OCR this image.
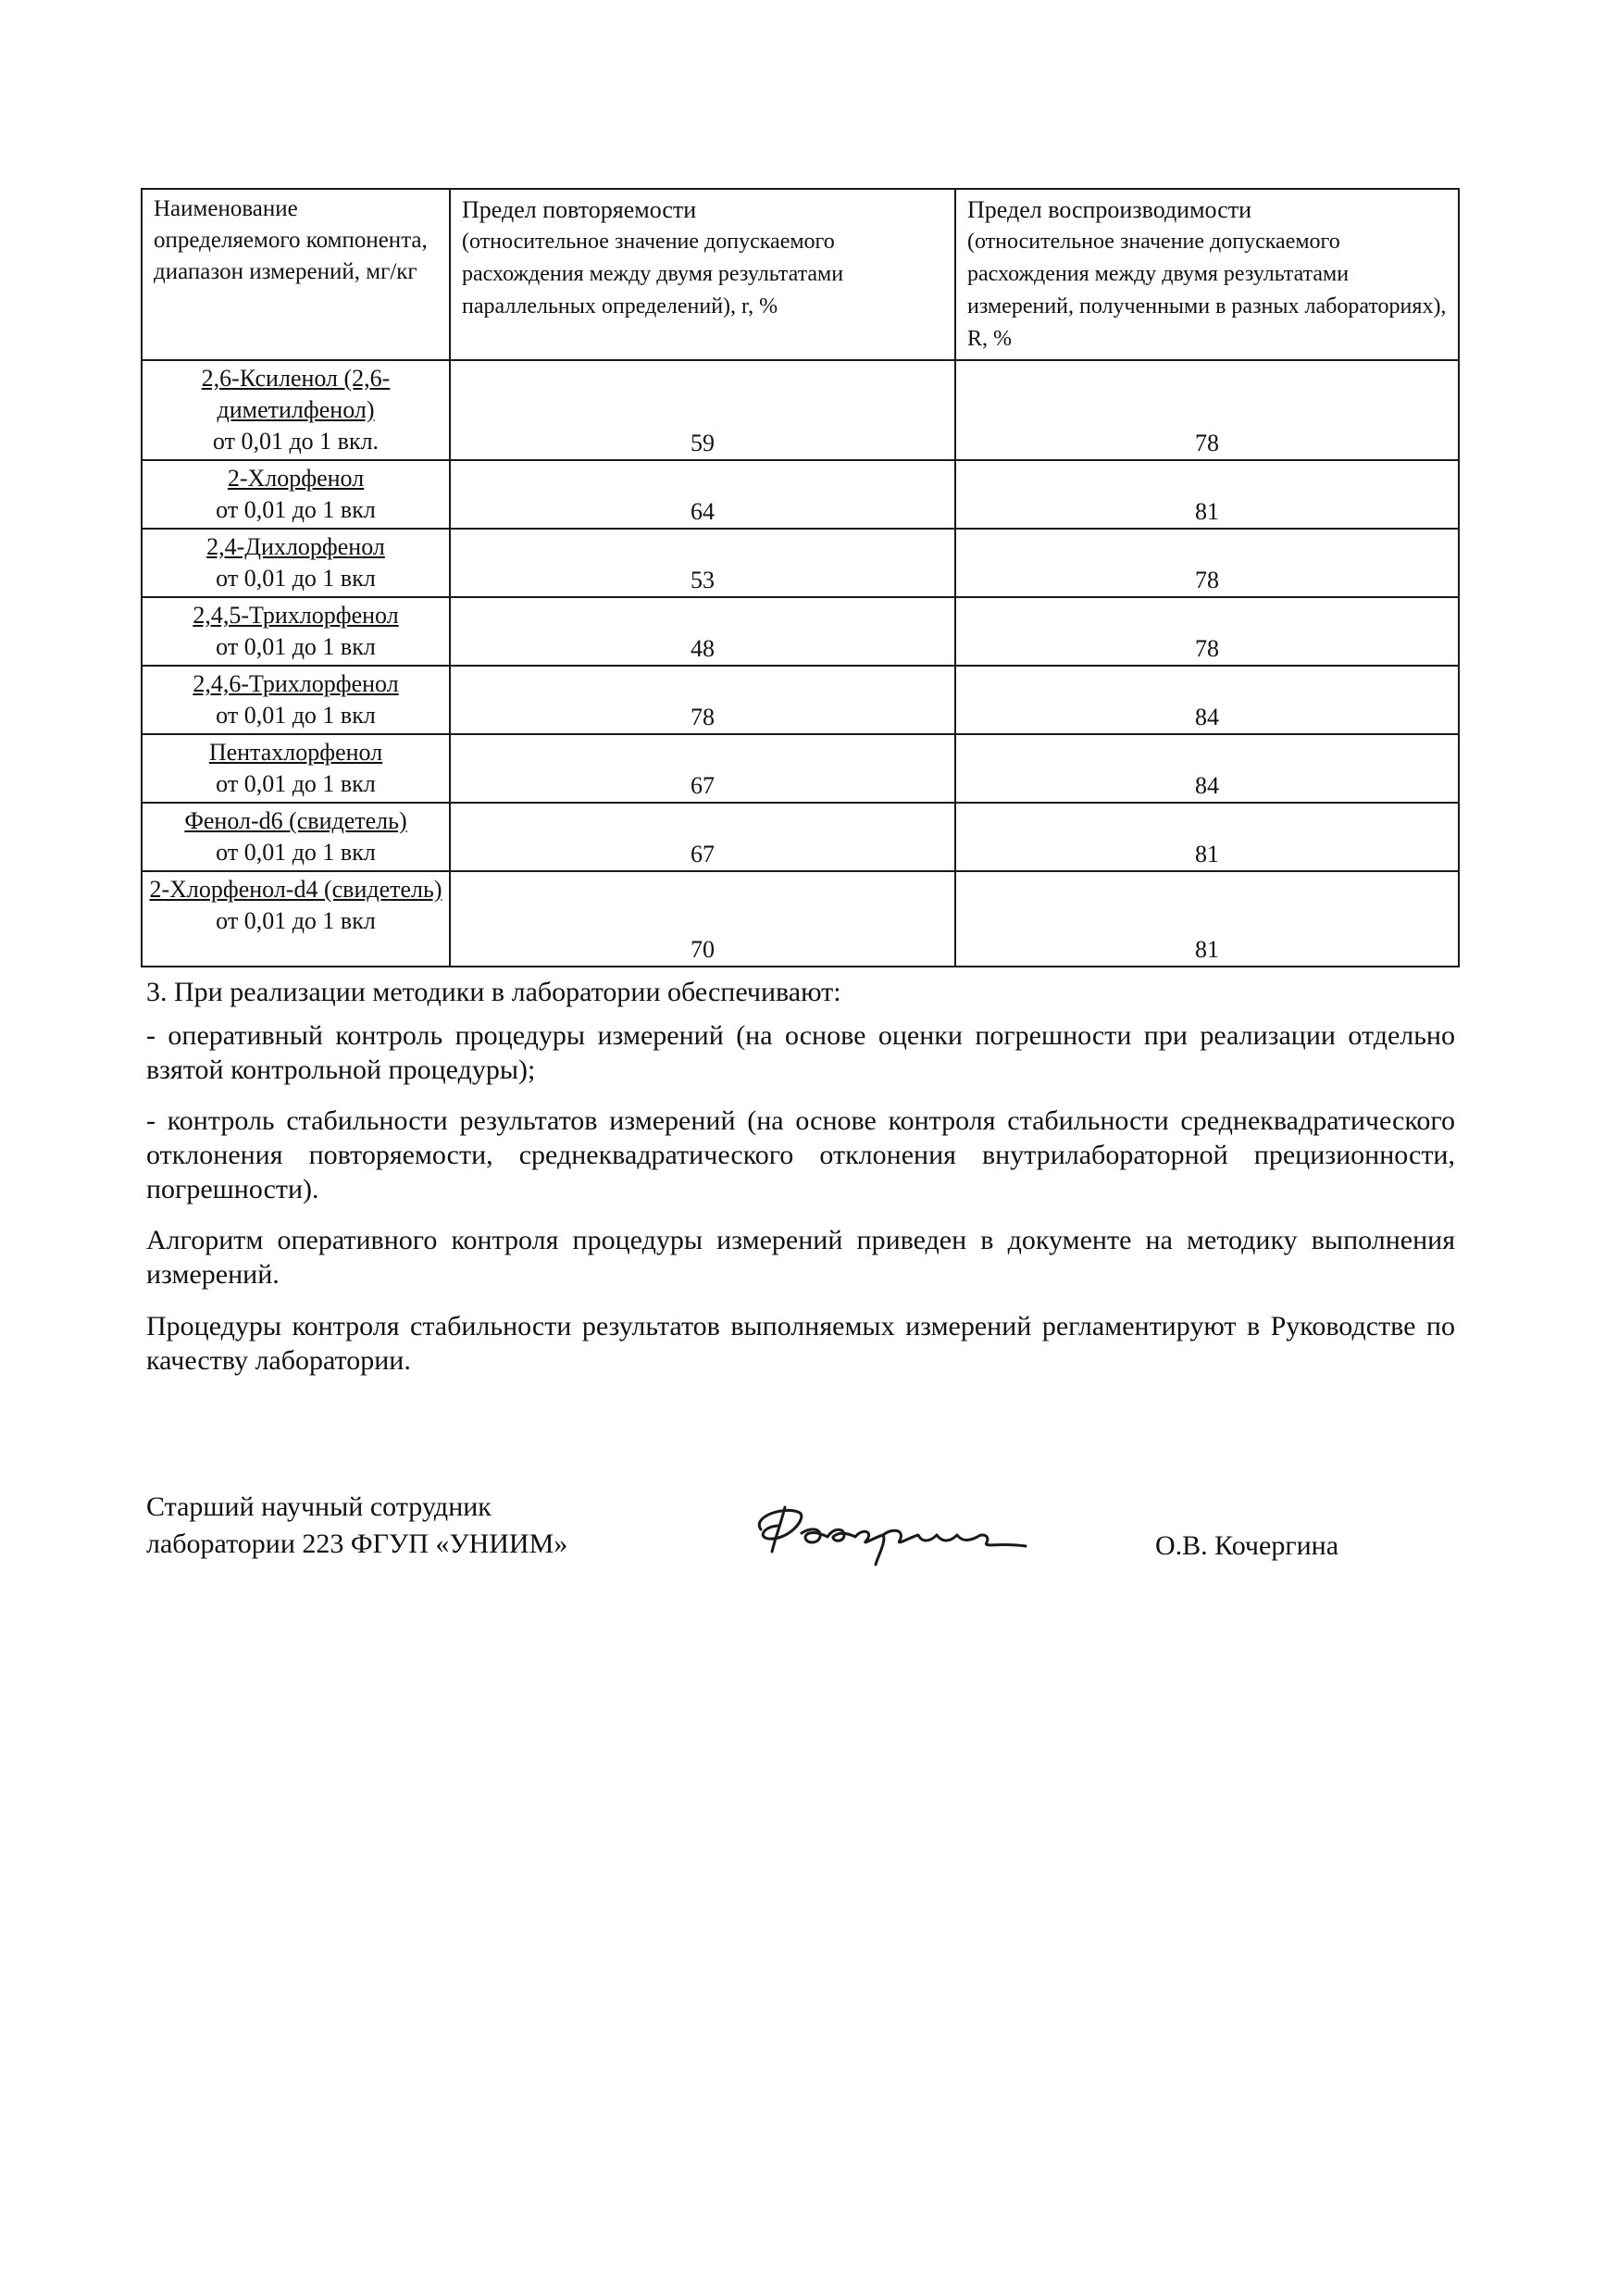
Наименование определяемого компонента, диапазон измерений, мг/кг	Предел повторяемости
(относительное значение допускаемого расхождения между двумя результатами параллельных определений), r, %	Предел воспроизводимости
(относительное значение допускаемого расхождения между двумя результатами измерений, полученными в разных лабораториях), R, %

2,6-Ксиленол (2,6-диметилфенол)
от 0,01 до 1 вкл.	59	78

2-Хлорфенол
от 0,01 до 1 вкл	64	81

2,4-Дихлорфенол
от 0,01 до 1 вкл	53	78

2,4,5-Трихлорфенол
от 0,01 до 1 вкл	48	78

2,4,6-Трихлорфенол
от 0,01 до 1 вкл	78	84

Пентахлорфенол
от 0,01 до 1 вкл	67	84

Фенол-d6 (свидетель)
от 0,01 до 1 вкл	67	81

2-Хлорфенол-d4 (свидетель)
от 0,01 до 1 вкл	70	81
3. При реализации методики в лаборатории обеспечивают:

- оперативный контроль процедуры измерений (на основе оценки погрешности при реализации отдельно взятой контрольной процедуры);

- контроль стабильности результатов измерений (на основе контроля стабильности среднеквадратического отклонения повторяемости, среднеквадратического отклонения внутрилабораторной прецизионности, погрешности).

Алгоритм оперативного контроля процедуры измерений приведен в документе на методику выполнения измерений.

Процедуры контроля стабильности результатов выполняемых измерений регламентируют в Руководстве по качеству лаборатории.

Старший научный сотрудник
лаборатории 223 ФГУП «УНИИМ»	О.В. Кочергина
